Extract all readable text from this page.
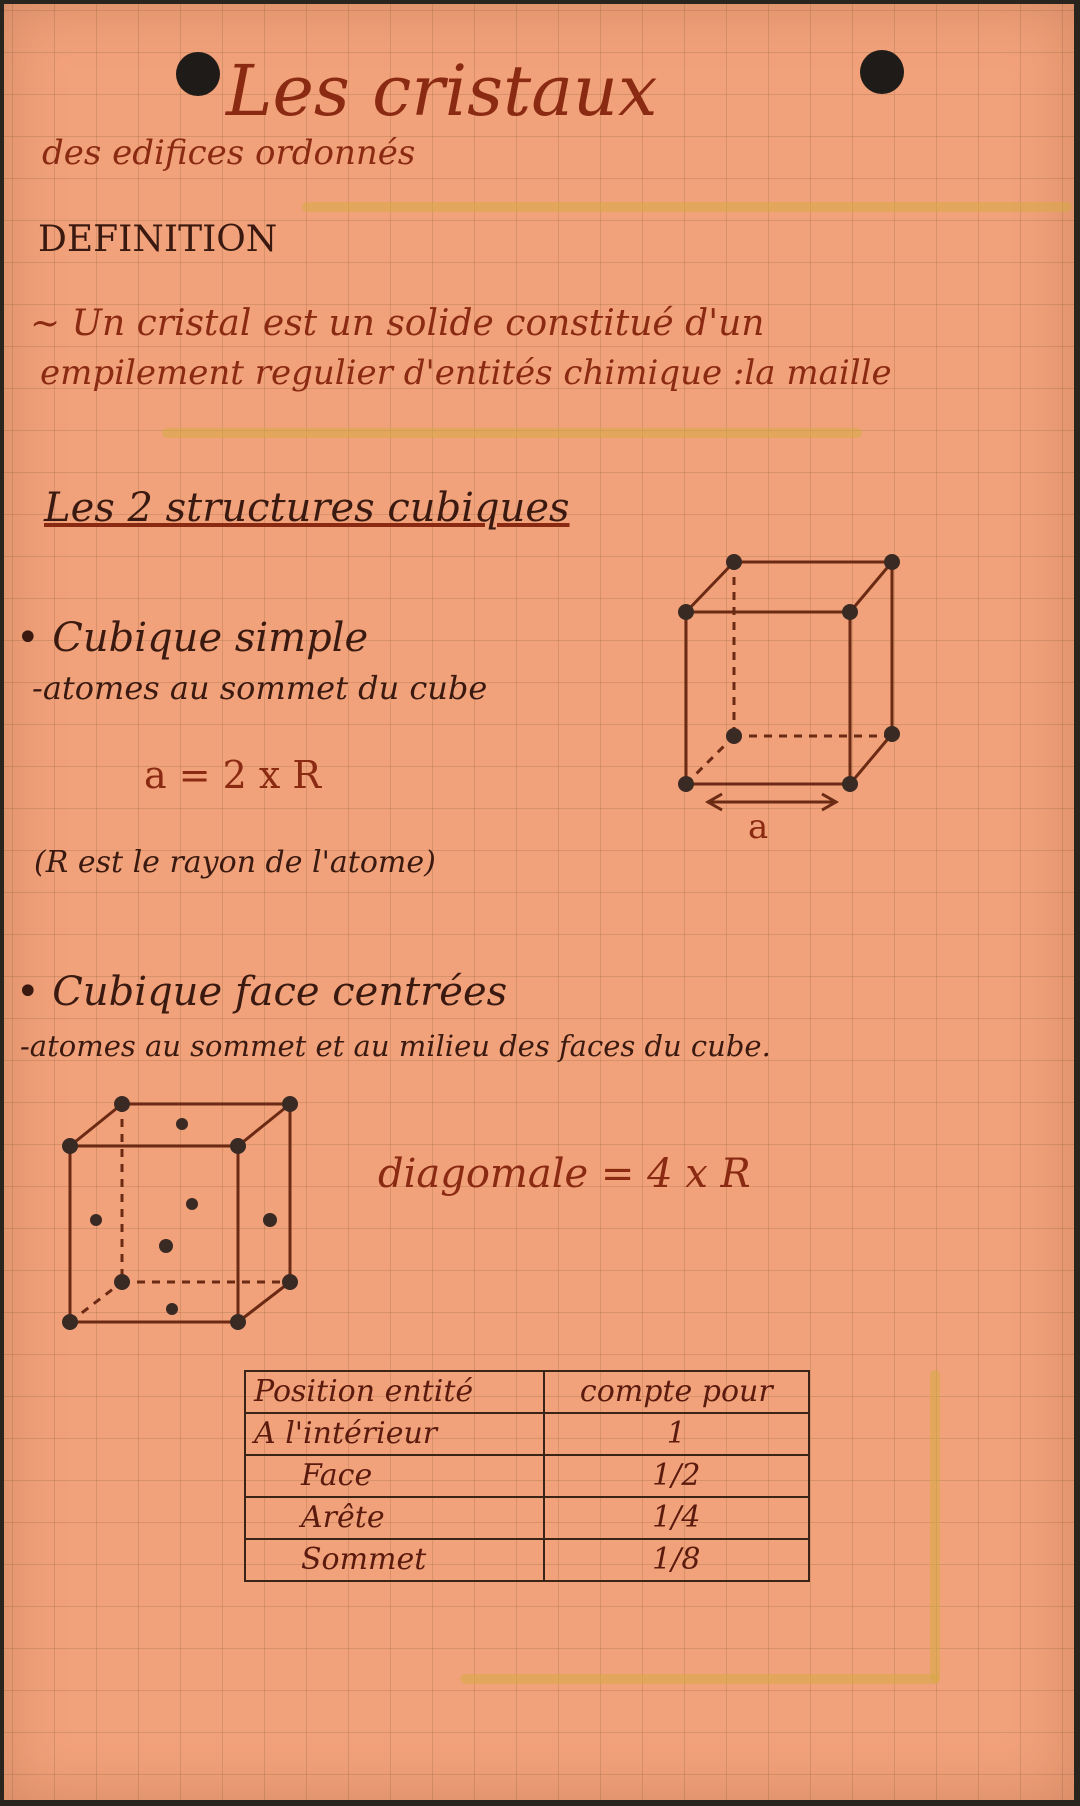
Les cristaux
des edifices ordonnés
DEFINITION
~ Un cristal est un solide constitué d'un
empilement regulier d'entités chimique :la maille
Les 2 structures cubiques
• Cubique simple
-atomes au sommet du cube
a = 2 x R
(R est le rayon de l'atome)
a
• Cubique face centrées
-atomes au sommet et au milieu des faces du cube.
diagomale = 4 x R
Position entité	compte pour
A l'intérieur	1
Face	1/2
Arête	1/4
Sommet	1/8
